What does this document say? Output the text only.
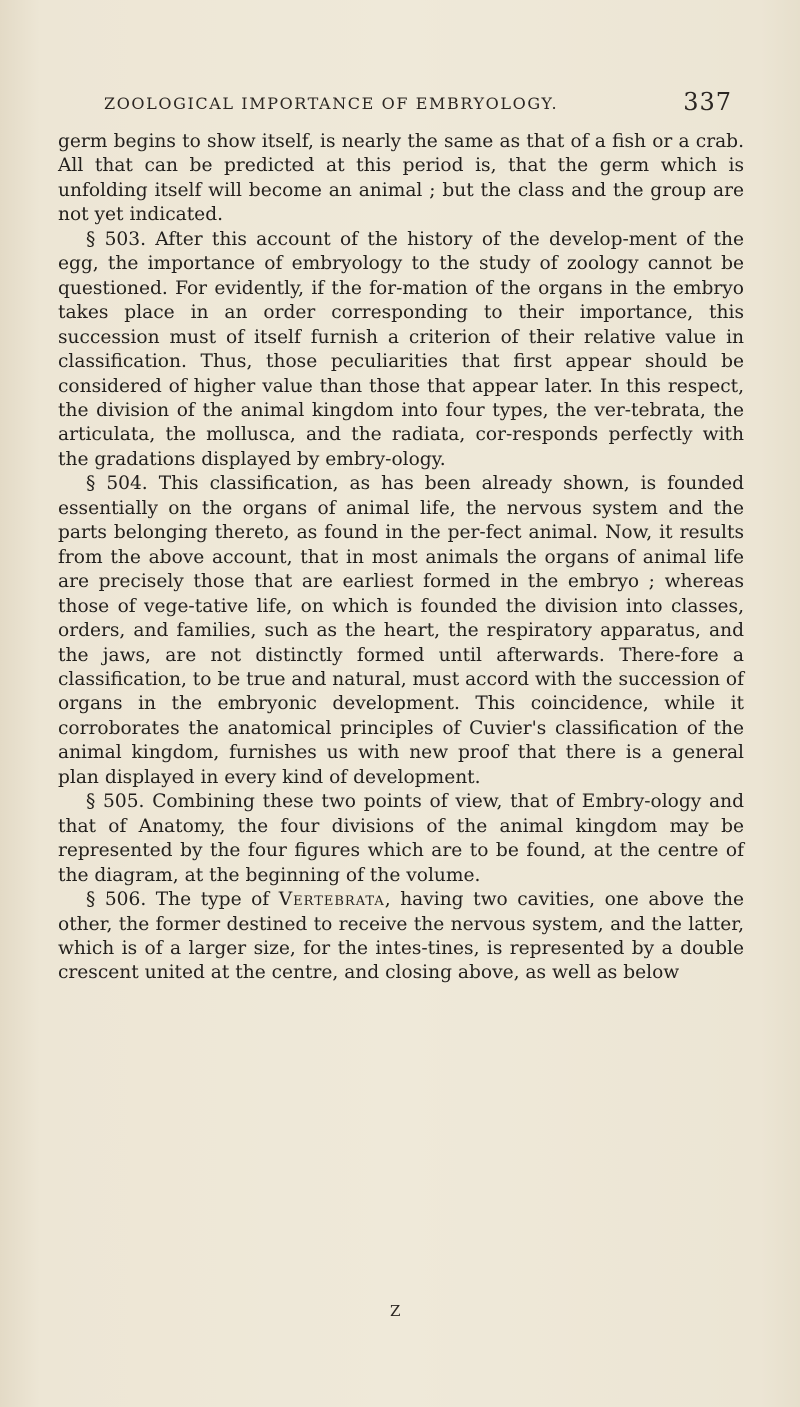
ZOOLOGICAL IMPORTANCE OF EMBRYOLOGY.	337

germ begins to show itself, is nearly the same as that of a fish or a crab. All that can be predicted at this period is, that the germ which is unfolding itself will become an animal ; but the class and the group are not yet indicated.

§ 503. After this account of the history of the develop-ment of the egg, the importance of embryology to the study of zoology cannot be questioned. For evidently, if the for-mation of the organs in the embryo takes place in an order corresponding to their importance, this succession must of itself furnish a criterion of their relative value in classification. Thus, those peculiarities that first appear should be considered of higher value than those that appear later. In this respect, the division of the animal kingdom into four types, the ver-tebrata, the articulata, the mollusca, and the radiata, cor-responds perfectly with the gradations displayed by embry-ology.

§ 504. This classification, as has been already shown, is founded essentially on the organs of animal life, the nervous system and the parts belonging thereto, as found in the per-fect animal. Now, it results from the above account, that in most animals the organs of animal life are precisely those that are earliest formed in the embryo ; whereas those of vege-tative life, on which is founded the division into classes, orders, and families, such as the heart, the respiratory apparatus, and the jaws, are not distinctly formed until afterwards. There-fore a classification, to be true and natural, must accord with the succession of organs in the embryonic development. This coincidence, while it corroborates the anatomical principles of Cuvier's classification of the animal kingdom, furnishes us with new proof that there is a general plan displayed in every kind of development.

§ 505. Combining these two points of view, that of Embry-ology and that of Anatomy, the four divisions of the animal kingdom may be represented by the four figures which are to be found, at the centre of the diagram, at the beginning of the volume.

§ 506. The type of Vertebrata, having two cavities, one above the other, the former destined to receive the nervous system, and the latter, which is of a larger size, for the intes-tines, is represented by a double crescent united at the centre, and closing above, as well as below

Z
